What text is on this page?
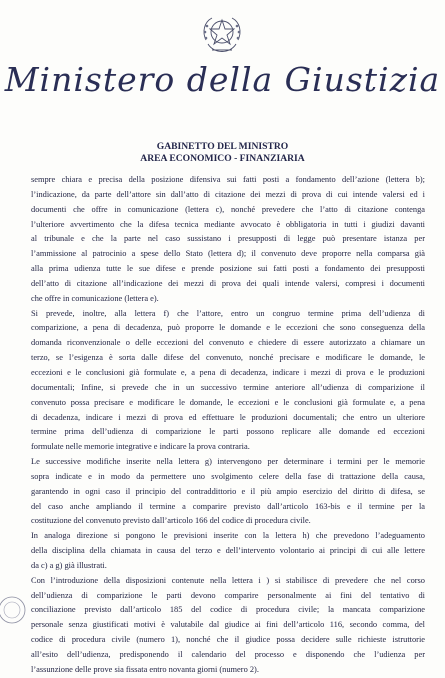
Ministero della Giustizia
GABINETTO DEL MINISTRO
AREA ECONOMICO - FINANZIARIA
sempre chiara e precisa della posizione difensiva sui fatti posti a fondamento dell’azione (lettera b);
l’indicazione, da parte dell’attore sin dall’atto di citazione dei mezzi di prova di cui intende valersi ed i
documenti che offre in comunicazione (lettera c), nonché prevedere che l’atto di citazione contenga
l’ulteriore avvertimento che la difesa tecnica mediante avvocato è obbligatoria in tutti i giudizi davanti
al tribunale e che la parte nel caso sussistano i presupposti di legge può presentare istanza per
l’ammissione al patrocinio a spese dello Stato (lettera d); il convenuto deve proporre nella comparsa già
alla prima udienza tutte le sue difese e prende posizione sui fatti posti a fondamento dei presupposti
dell’atto di citazione all’indicazione dei mezzi di prova dei quali intende valersi, compresi i documenti
che offre in comunicazione (lettera e).
Si prevede, inoltre, alla lettera f) che l’attore, entro un congruo termine prima dell’udienza di
comparizione, a pena di decadenza, può proporre le domande e le eccezioni che sono conseguenza della
domanda riconvenzionale o delle eccezioni del convenuto e chiedere di essere autorizzato a chiamare un
terzo, se l’esigenza è sorta dalle difese del convenuto, nonché precisare e modificare le domande, le
eccezioni e le conclusioni già formulate e, a pena di decadenza, indicare i mezzi di prova e le produzioni
documentali; Infine, si prevede che in un successivo termine anteriore all’udienza di comparizione il
convenuto possa precisare e modificare le domande, le eccezioni e le conclusioni già formulate e, a pena
di decadenza, indicare i mezzi di prova ed effettuare le produzioni documentali; che entro un ulteriore
termine prima dell’udienza di comparizione le parti possono replicare alle domande ed eccezioni
formulate nelle memorie integrative e indicare la prova contraria.
Le successive modifiche inserite nella lettera g) intervengono per determinare i termini per le memorie
sopra indicate e in modo da permettere uno svolgimento celere della fase di trattazione della causa,
garantendo in ogni caso il principio del contraddittorio e il più ampio esercizio del diritto di difesa, se
del caso anche ampliando il termine a comparire previsto dall’articolo 163-bis e il termine per la
costituzione del convenuto previsto dall’articolo 166 del codice di procedura civile.
In analoga direzione si pongono le previsioni inserite con la lettera h) che prevedono l’adeguamento
della disciplina della chiamata in causa del terzo e dell’intervento volontario ai principi di cui alle lettere
da c) a g) già illustrati.
Con l’introduzione della disposizioni contenute nella lettera i ) si stabilisce di prevedere che nel corso
dell’udienza di comparizione le parti devono comparire personalmente ai fini del tentativo di
conciliazione previsto dall’articolo 185 del codice di procedura civile; la mancata comparizione
personale senza giustificati motivi è valutabile dal giudice ai fini dell’articolo 116, secondo comma, del
codice di procedura civile (numero 1), nonché che il giudice possa decidere sulle richieste istruttorie
all’esito dell’udienza, predisponendo il calendario del processo e disponendo che l’udienza per
l’assunzione delle prove sia fissata entro novanta giorni (numero 2).
